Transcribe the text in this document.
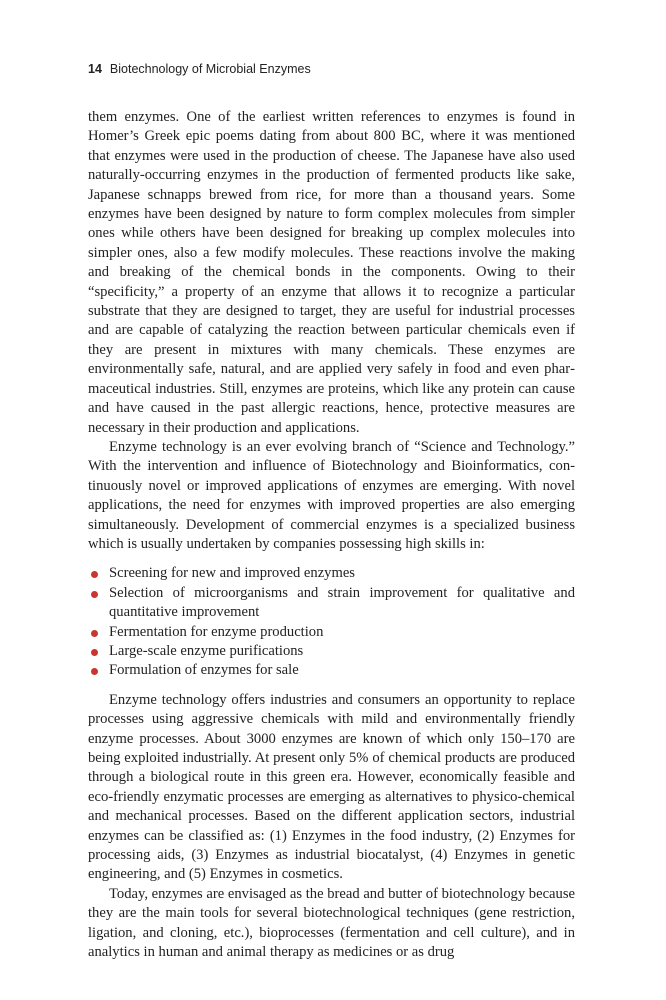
14 Biotechnology of Microbial Enzymes

them enzymes. One of the earliest written references to enzymes is found in Homer’s Greek epic poems dating from about 800 BC, where it was mentioned that enzymes were used in the production of cheese. The Japanese have also used naturally-occurring enzymes in the production of fermented products like sake, Japanese schnapps brewed from rice, for more than a thousand years. Some enzymes have been designed by nature to form complex molecules from simpler ones while others have been designed for breaking up complex molecules into simpler ones, also a few modify molecules. These reactions involve the making and breaking of the chemical bonds in the components. Owing to their “specificity,” a property of an enzyme that allows it to recognize a particular substrate that they are designed to target, they are useful for industrial processes and are capable of catalyzing the reaction between particular chemicals even if they are present in mixtures with many chemicals. These enzymes are environmentally safe, natural, and are applied very safely in food and even pharmaceutical industries. Still, enzymes are proteins, which like any protein can cause and have caused in the past allergic reactions, hence, protective measures are necessary in their production and applications.

Enzyme technology is an ever evolving branch of “Science and Technology.” With the intervention and influence of Biotechnology and Bioinformatics, continuously novel or improved applications of enzymes are emerging. With novel applications, the need for enzymes with improved properties are also emerging simultaneously. Development of commercial enzymes is a specialized business which is usually undertaken by companies possessing high skills in:

Screening for new and improved enzymes
Selection of microorganisms and strain improvement for qualitative and quantitative improvement
Fermentation for enzyme production
Large-scale enzyme purifications
Formulation of enzymes for sale

Enzyme technology offers industries and consumers an opportunity to replace processes using aggressive chemicals with mild and environmentally friendly enzyme processes. About 3000 enzymes are known of which only 150–170 are being exploited industrially. At present only 5% of chemical products are produced through a biological route in this green era. However, economically feasible and eco-friendly enzymatic processes are emerging as alternatives to physico-chemical and mechanical processes. Based on the different application sectors, industrial enzymes can be classified as: (1) Enzymes in the food industry, (2) Enzymes for processing aids, (3) Enzymes as industrial biocatalyst, (4) Enzymes in genetic engineering, and (5) Enzymes in cosmetics.

Today, enzymes are envisaged as the bread and butter of biotechnology because they are the main tools for several biotechnological techniques (gene restriction, ligation, and cloning, etc.), bioprocesses (fermentation and cell culture), and in analytics in human and animal therapy as medicines or as drug
